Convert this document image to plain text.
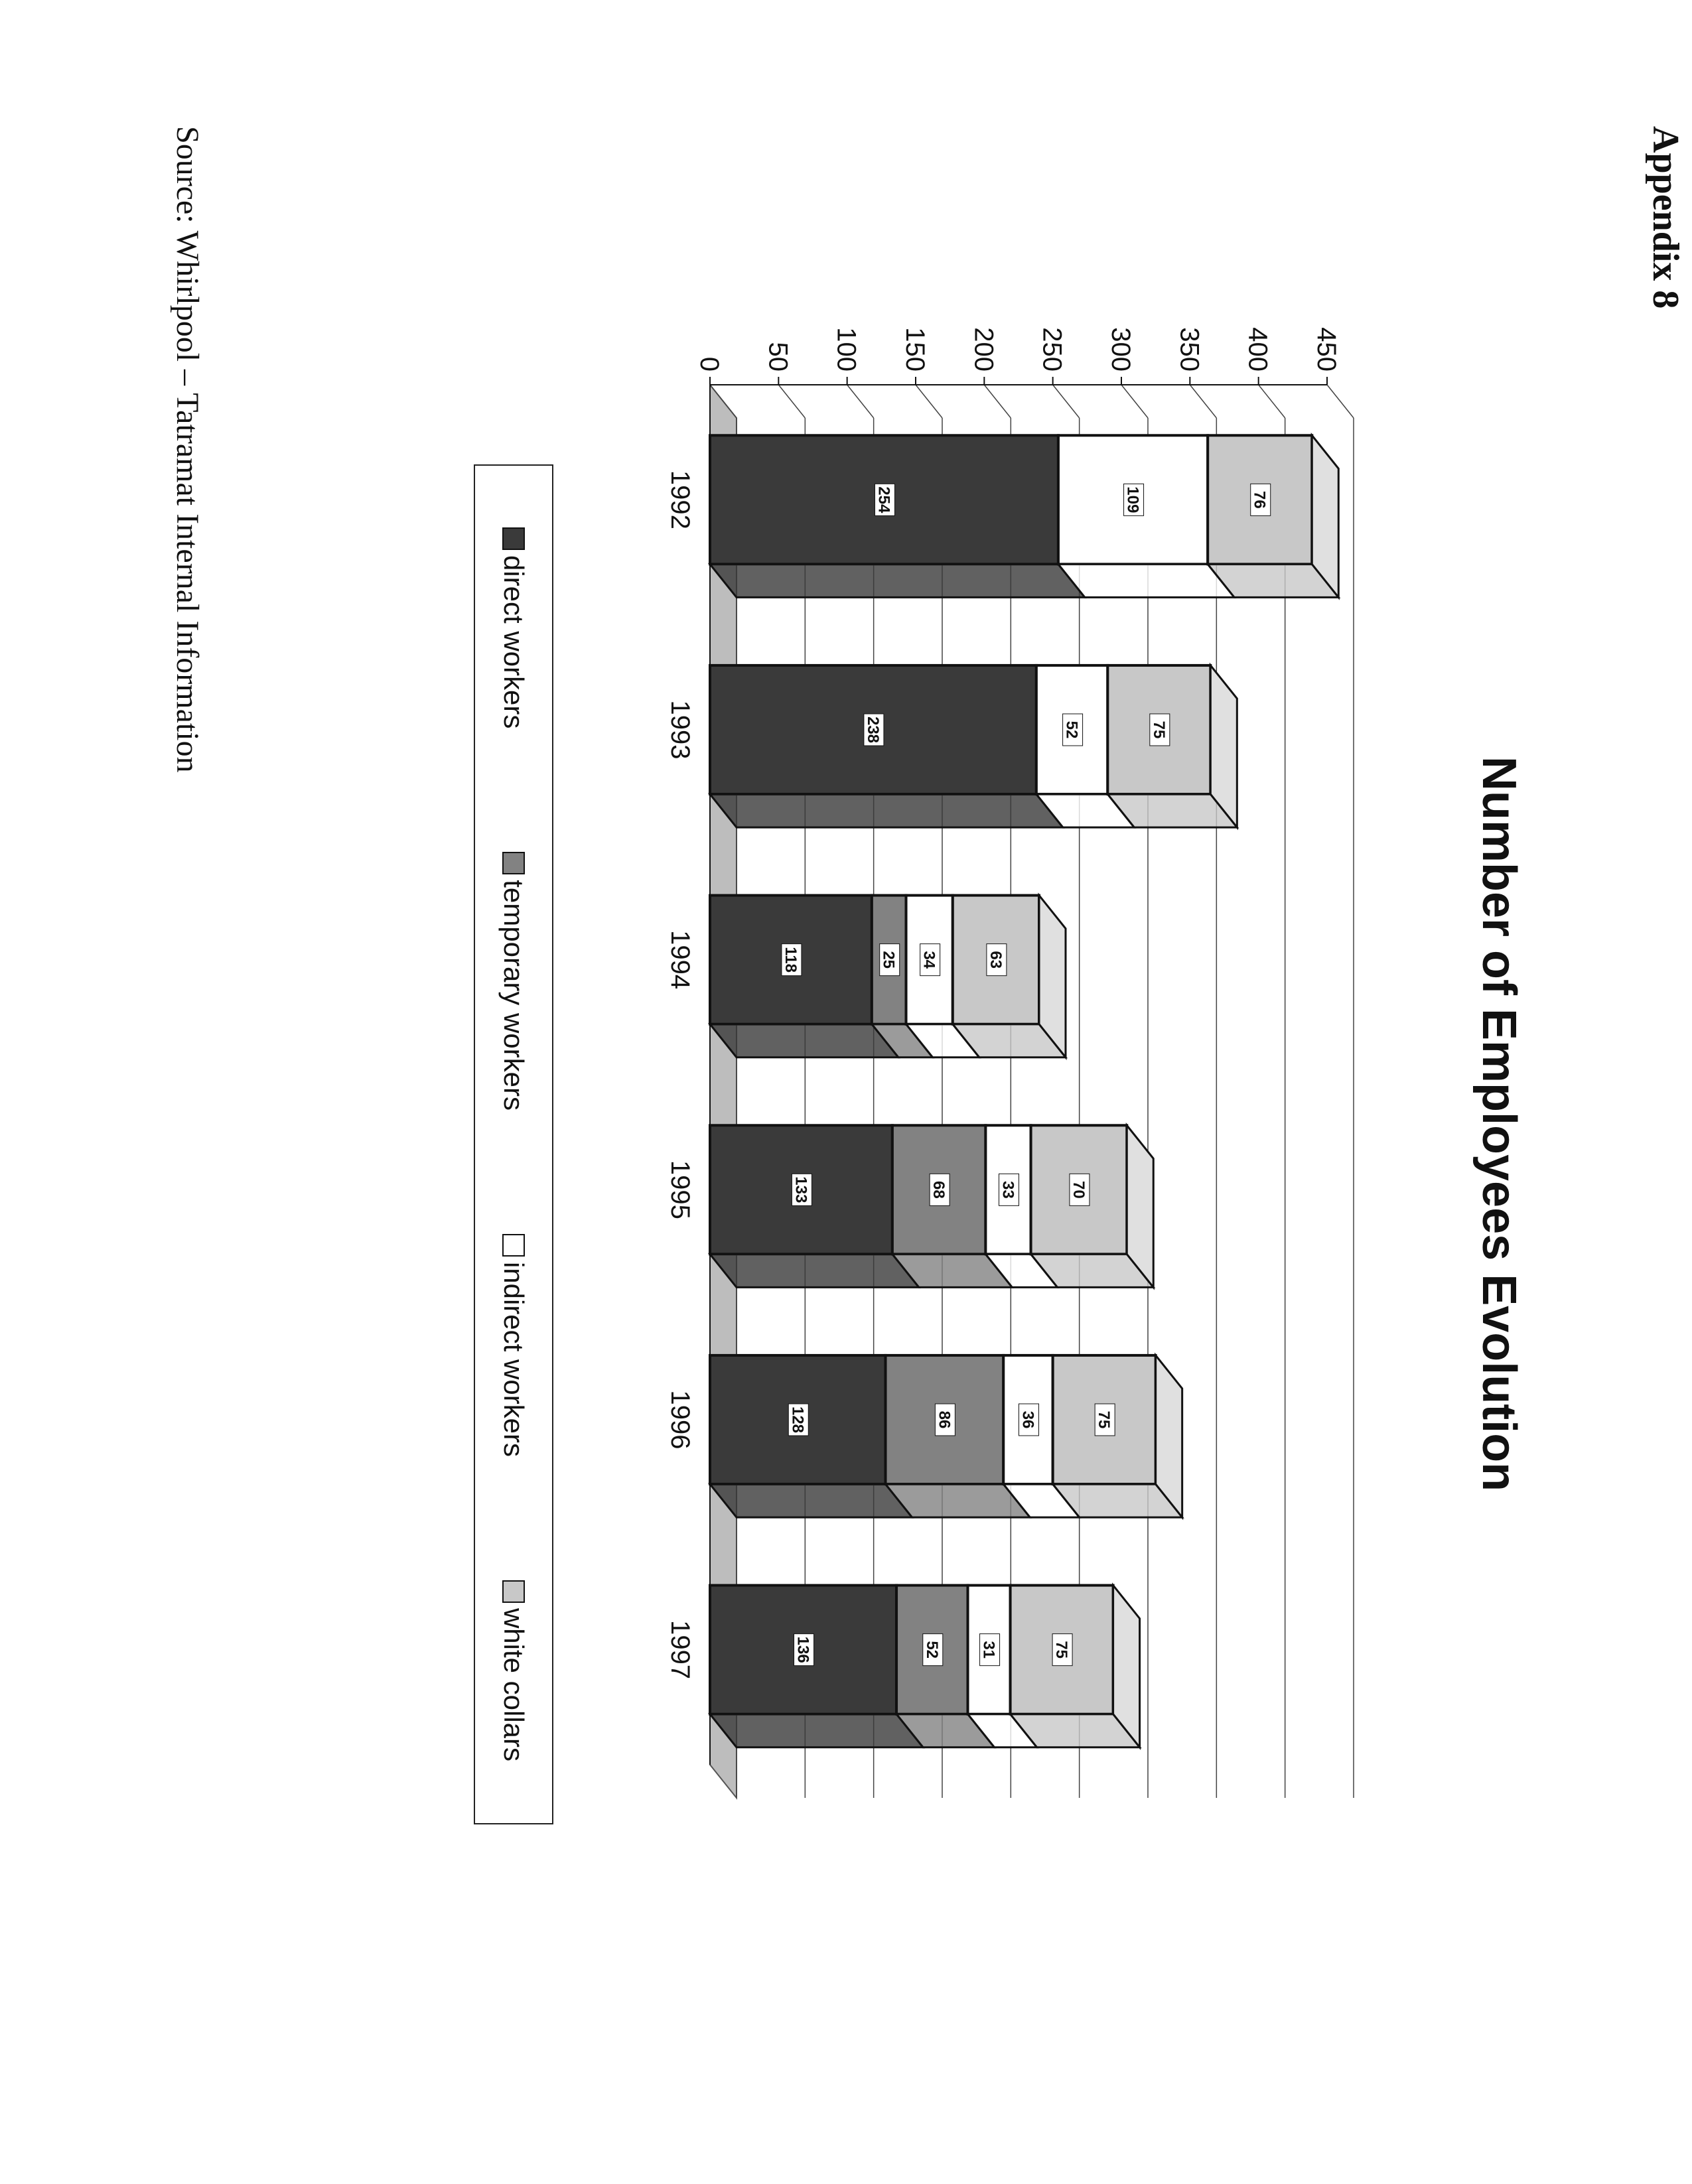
Appendix 8
Number of Employees Evolution
0 50 100 150 200 250 300 350 400 450
254	109	76
1992
238	52	75
1993
118	25 34	63
1994
133	68	33	70
1995
128	86	36	75
1996
136	52 31	75
1997
direct workers
temporary workers
indirect workers
white collars
Source: Whirlpool – Tatramat Internal Information
